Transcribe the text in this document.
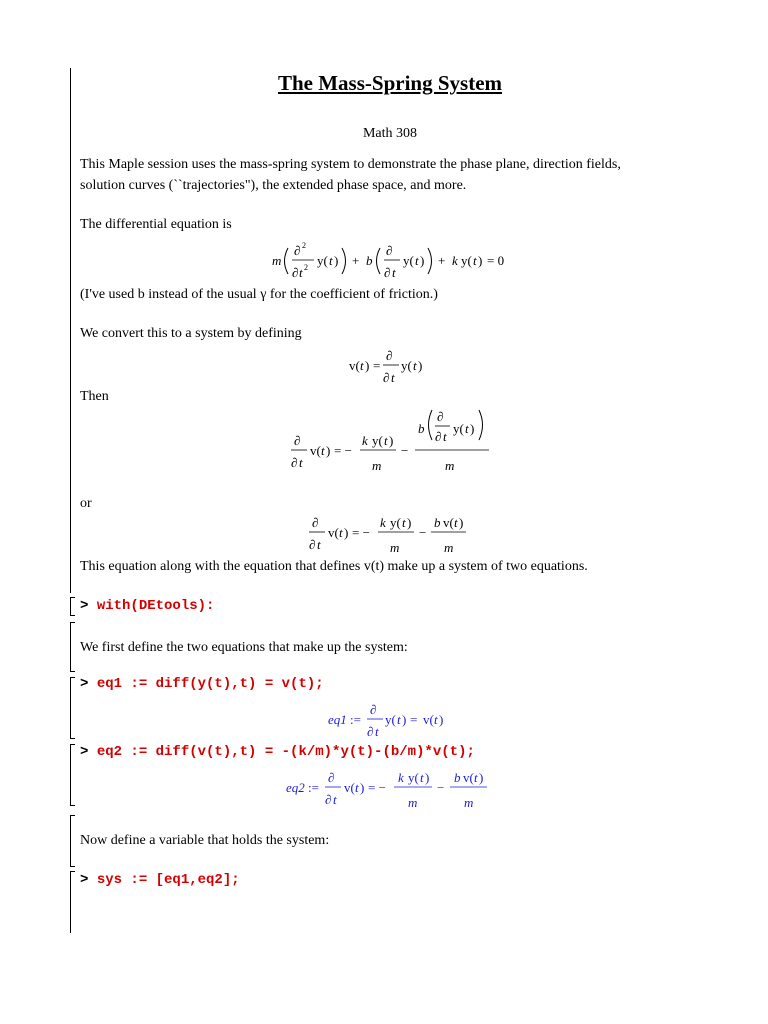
The Mass-Spring System
Math 308
This Maple session uses the mass-spring system to demonstrate the phase plane, direction fields,
solution curves (``trajectories"), the extended phase space, and more.
The differential equation is
m
∂ 2
∂ t 2 y( t ) + b
∂
∂ t
y( t ) + k y( t ) = 0
(I've used b instead of the usual γ for the coefficient of friction.)
We convert this to a system by defining
v( t ) =
∂
∂ t
y( t )
Then
∂
∂ t
v( t ) = −
k y( t )
m
−
b
∂
∂ t
y( t )
m
or
∂
∂ t
v( t ) = −
k y( t )
m
−
b v( t )
m
This equation along with the equation that defines v(t) make up a system of two equations.
> with(DEtools):
We first define the two equations that make up the system:
> eq1 := diff(y(t),t) = v(t);
eq1 :=
∂
∂ t
y( t ) = v( t )
> eq2 := diff(v(t),t) = -(k/m)*y(t)-(b/m)*v(t);
eq2 :=
∂
∂ t
v( t ) = −
k y( t )
m
−
b v( t )
m
Now define a variable that holds the system:
> sys := [eq1,eq2];
